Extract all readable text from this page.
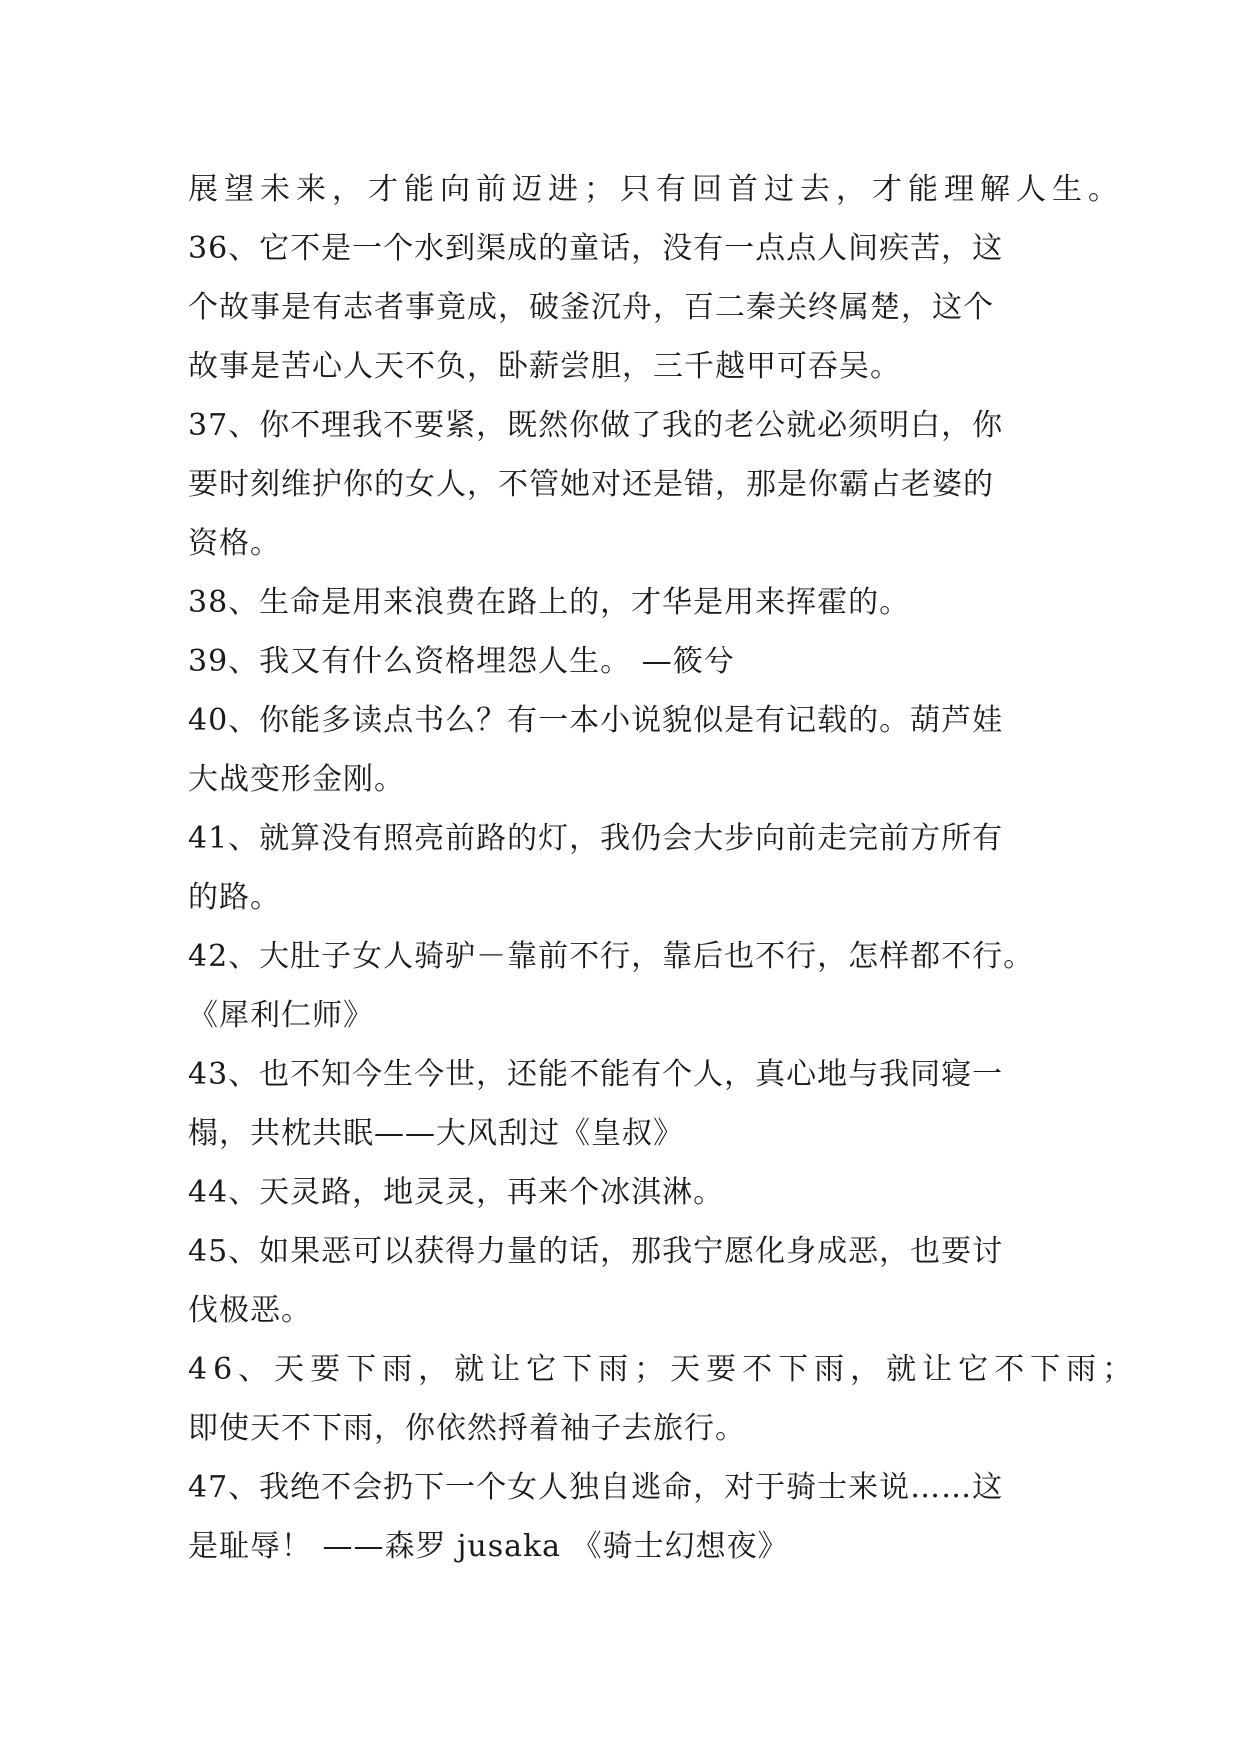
展望未来，才能向前迈进；只有回首过去，才能理解人生。
36、它不是一个水到渠成的童话，没有一点点人间疾苦，这
个故事是有志者事竟成，破釜沉舟，百二秦关终属楚，这个
故事是苦心人天不负，卧薪尝胆，三千越甲可吞吴。
37、你不理我不要紧，既然你做了我的老公就必须明白，你
要时刻维护你的女人，不管她对还是错，那是你霸占老婆的
资格。
38、生命是用来浪费在路上的，才华是用来挥霍的。
39、我又有什么资格埋怨人生。 —筱兮
40、你能多读点书么？有一本小说貌似是有记载的。葫芦娃
大战变形金刚。
41、就算没有照亮前路的灯，我仍会大步向前走完前方所有
的路。
42、大肚子女人骑驴－靠前不行，靠后也不行，怎样都不行。
《犀利仁师》
43、也不知今生今世，还能不能有个人，真心地与我同寝一
榻，共枕共眠——大风刮过《皇叔》
44、天灵路，地灵灵，再来个冰淇淋。
45、如果恶可以获得力量的话，那我宁愿化身成恶，也要讨
伐极恶。
46、天要下雨，就让它下雨；天要不下雨，就让它不下雨；
即使天不下雨，你依然捋着袖子去旅行。
47、我绝不会扔下一个女人独自逃命，对于骑士来说……这
是耻辱！ ——森罗 jusaka 《骑士幻想夜》
